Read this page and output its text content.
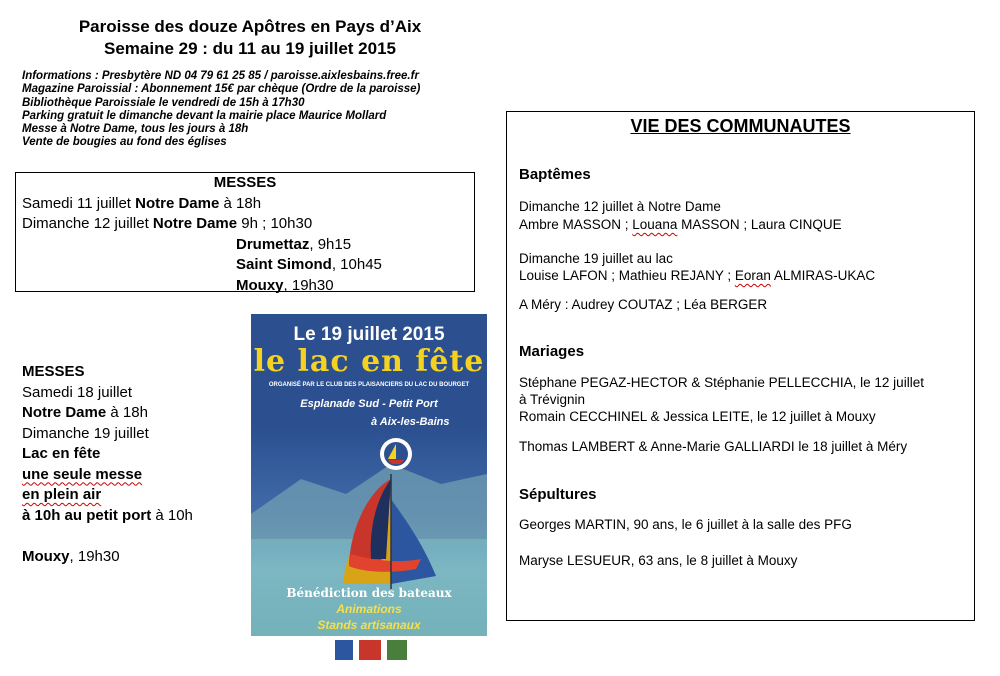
Paroisse des douze Apôtres en Pays d’Aix
Semaine 29 : du 11 au 19 juillet 2015
Informations : Presbytère ND 04 79 61 25 85 / paroisse.aixlesbains.free.fr
Magazine Paroissial : Abonnement 15€ par chèque (Ordre de la paroisse)
Bibliothèque Paroissiale le vendredi de 15h à 17h30
Parking gratuit le dimanche devant la mairie place Maurice Mollard
Messe à Notre Dame, tous les jours à 18h
Vente de bougies au fond des églises
MESSES
Samedi 11 juillet Notre Dame à 18h
Dimanche 12 juillet Notre Dame 9h ; 10h30
Drumettaz, 9h15
Saint Simond, 10h45
Mouxy, 19h30
MESSES
Samedi 18 juillet
Notre Dame à 18h
Dimanche 19 juillet
Lac en fête
une seule messe
en plein air
à 10h au petit port à 10h
Mouxy, 19h30
Le 19 juillet 2015
le lac en fête
ORGANISÉ PAR LE CLUB DES PLAISANCIERS DU LAC DU BOURGET
Esplanade Sud - Petit Port
à Aix-les-Bains
Bénédiction des bateaux
Animations
Stands artisanaux
VIE DES COMMUNAUTES
Baptêmes
Dimanche 12 juillet à Notre Dame
Ambre MASSON ; Louana MASSON ; Laura CINQUE
Dimanche 19 juillet au lac
Louise LAFON ; Mathieu REJANY ; Eoran ALMIRAS-UKAC
A Méry : Audrey COUTAZ ; Léa BERGER
Mariages
Stéphane PEGAZ-HECTOR & Stéphanie PELLECCHIA, le 12 juillet
à Trévignin
Romain CECCHINEL & Jessica LEITE, le 12 juillet à Mouxy
Thomas LAMBERT & Anne-Marie GALLIARDI le 18 juillet à Méry
Sépultures
Georges MARTIN, 90 ans, le 6 juillet à la salle des PFG
Maryse LESUEUR, 63 ans, le 8 juillet à Mouxy
